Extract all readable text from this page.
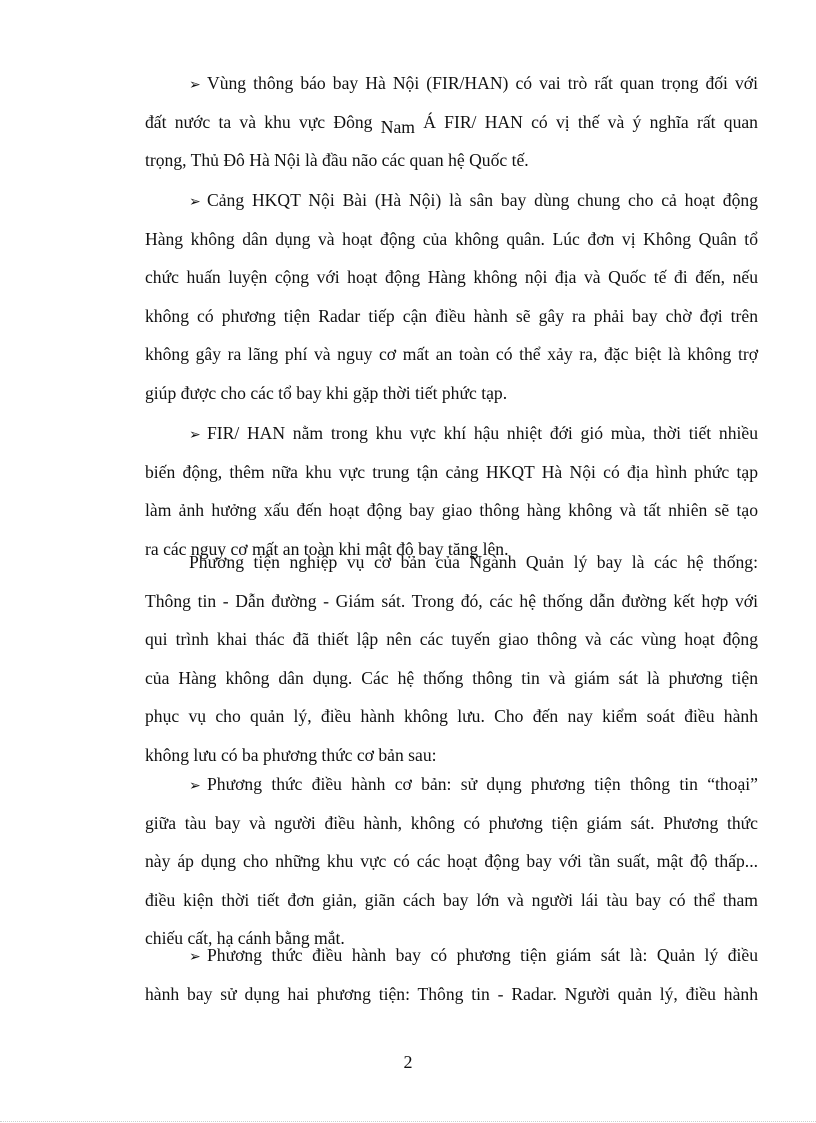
➢ Vùng thông báo bay Hà Nội (FIR/HAN) có vai trò rất quan trọng đối với
đất nước ta và khu vực Đông Nam Á FIR/ HAN có vị thế và ý nghĩa rất quan
trọng, Thủ Đô Hà Nội là đầu não các quan hệ Quốc tế.
➢ Cảng HKQT Nội Bài (Hà Nội) là sân bay dùng chung cho cả hoạt động
Hàng không dân dụng và hoạt động của không quân. Lúc đơn vị Không Quân tổ
chức huấn luyện cộng với hoạt động Hàng không nội địa và Quốc tế đi đến, nếu
không có phương tiện Radar tiếp cận điều hành sẽ gây ra phải bay chờ đợi trên
không gây ra lãng phí và nguy cơ mất an toàn có thể xảy ra, đặc biệt là không trợ
giúp được cho các tổ bay khi gặp thời tiết phức tạp.
➢ FIR/ HAN nằm trong khu vực khí hậu nhiệt đới gió mùa, thời tiết nhiều
biến động, thêm nữa khu vực trung tận cảng HKQT Hà Nội có địa hình phức tạp
làm ảnh hưởng xấu đến hoạt động bay giao thông hàng không và tất nhiên sẽ tạo
ra các nguy cơ mất an toàn khi mật độ bay tăng lên.
Phương tiện nghiệp vụ cơ bản của Ngành Quản lý bay là các hệ thống:
Thông tin - Dẫn đường - Giám sát. Trong đó, các hệ thống dẫn đường kết hợp với
qui trình khai thác đã thiết lập nên các tuyến giao thông và các vùng hoạt động
của Hàng không dân dụng. Các hệ thống thông tin và giám sát là phương tiện
phục vụ cho quản lý, điều hành không lưu. Cho đến nay kiểm soát điều hành
không lưu có ba phương thức cơ bản sau:
➢ Phương thức điều hành cơ bản: sử dụng phương tiện thông tin “thoại”
giữa tàu bay và người điều hành, không có phương tiện giám sát. Phương thức
này áp dụng cho những khu vực có các hoạt động bay với tần suất, mật độ thấp...
điều kiện thời tiết đơn giản, giãn cách bay lớn và người lái tàu bay có thể tham
chiếu cất, hạ cánh bằng mắt.
➢ Phương thức điều hành bay có phương tiện giám sát là: Quản lý điều
hành bay sử dụng hai phương tiện: Thông tin - Radar. Người quản lý, điều hành
2
